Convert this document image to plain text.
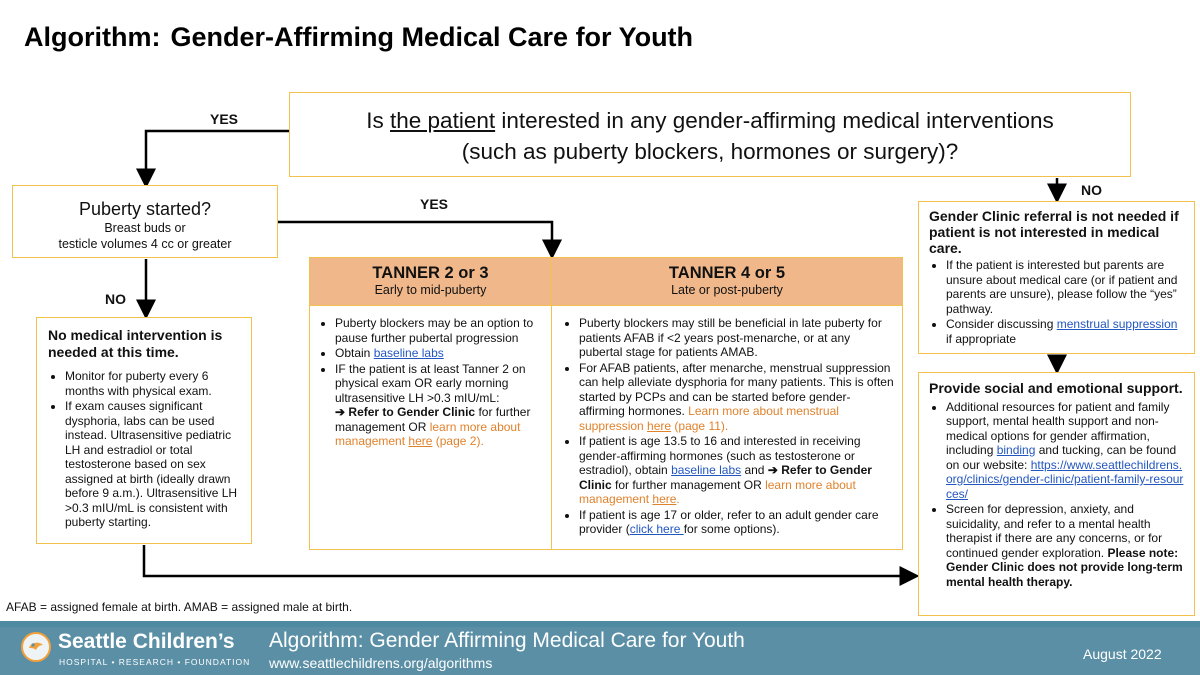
Algorithm: Gender-Affirming Medical Care for Youth
YES
YES
NO
NO
Is the patient interested in any gender-affirming medical interventions
(such as puberty blockers, hormones or surgery)?
Puberty started?
Breast buds or
testicle volumes 4 cc or greater
No medical intervention is needed at this time.
• Monitor for puberty every 6 months with physical exam.
• If exam causes significant dysphoria, labs can be used instead. Ultrasensitive pediatric LH and estradiol or total testosterone based on sex assigned at birth (ideally drawn before 9 a.m.). Ultrasensitive LH >0.3 mIU/mL is consistent with puberty starting.
TANNER 2 or 3
Early to mid-puberty
• Puberty blockers may be an option to pause further pubertal progression
• Obtain baseline labs
• IF the patient is at least Tanner 2 on physical exam OR early morning ultrasensitive LH >0.3 mIU/mL:
➔ Refer to Gender Clinic for further management OR learn more about management here (page 2).
TANNER 4 or 5
Late or post-puberty
• Puberty blockers may still be beneficial in late puberty for patients AFAB if <2 years post-menarche, or at any pubertal stage for patients AMAB.
• For AFAB patients, after menarche, menstrual suppression can help alleviate dysphoria for many patients. This is often started by PCPs and can be started before gender-affirming hormones. Learn more about menstrual suppression here (page 11).
• If patient is age 13.5 to 16 and interested in receiving gender-affirming hormones (such as testosterone or estradiol), obtain baseline labs and ➔ Refer to Gender Clinic for further management OR learn more about management here.
• If patient is age 17 or older, refer to an adult gender care provider (click here for some options).
Gender Clinic referral is not needed if patient is not interested in medical care.
• If the patient is interested but parents are unsure about medical care (or if patient and parents are unsure), please follow the “yes” pathway.
• Consider discussing menstrual suppression if appropriate
Provide social and emotional support.
• Additional resources for patient and family support, mental health support and non-medical options for gender affirmation, including binding and tucking, can be found on our website: https://www.seattlechildrens.org/clinics/gender-clinic/patient-family-resources/
• Screen for depression, anxiety, and suicidality, and refer to a mental health therapist if there are any concerns, or for continued gender exploration. Please note: Gender Clinic does not provide long-term mental health therapy.
AFAB = assigned female at birth. AMAB = assigned male at birth.
Seattle Children’s
HOSPITAL • RESEARCH • FOUNDATION
Algorithm: Gender Affirming Medical Care for Youth
www.seattlechildrens.org/algorithms
August 2022
